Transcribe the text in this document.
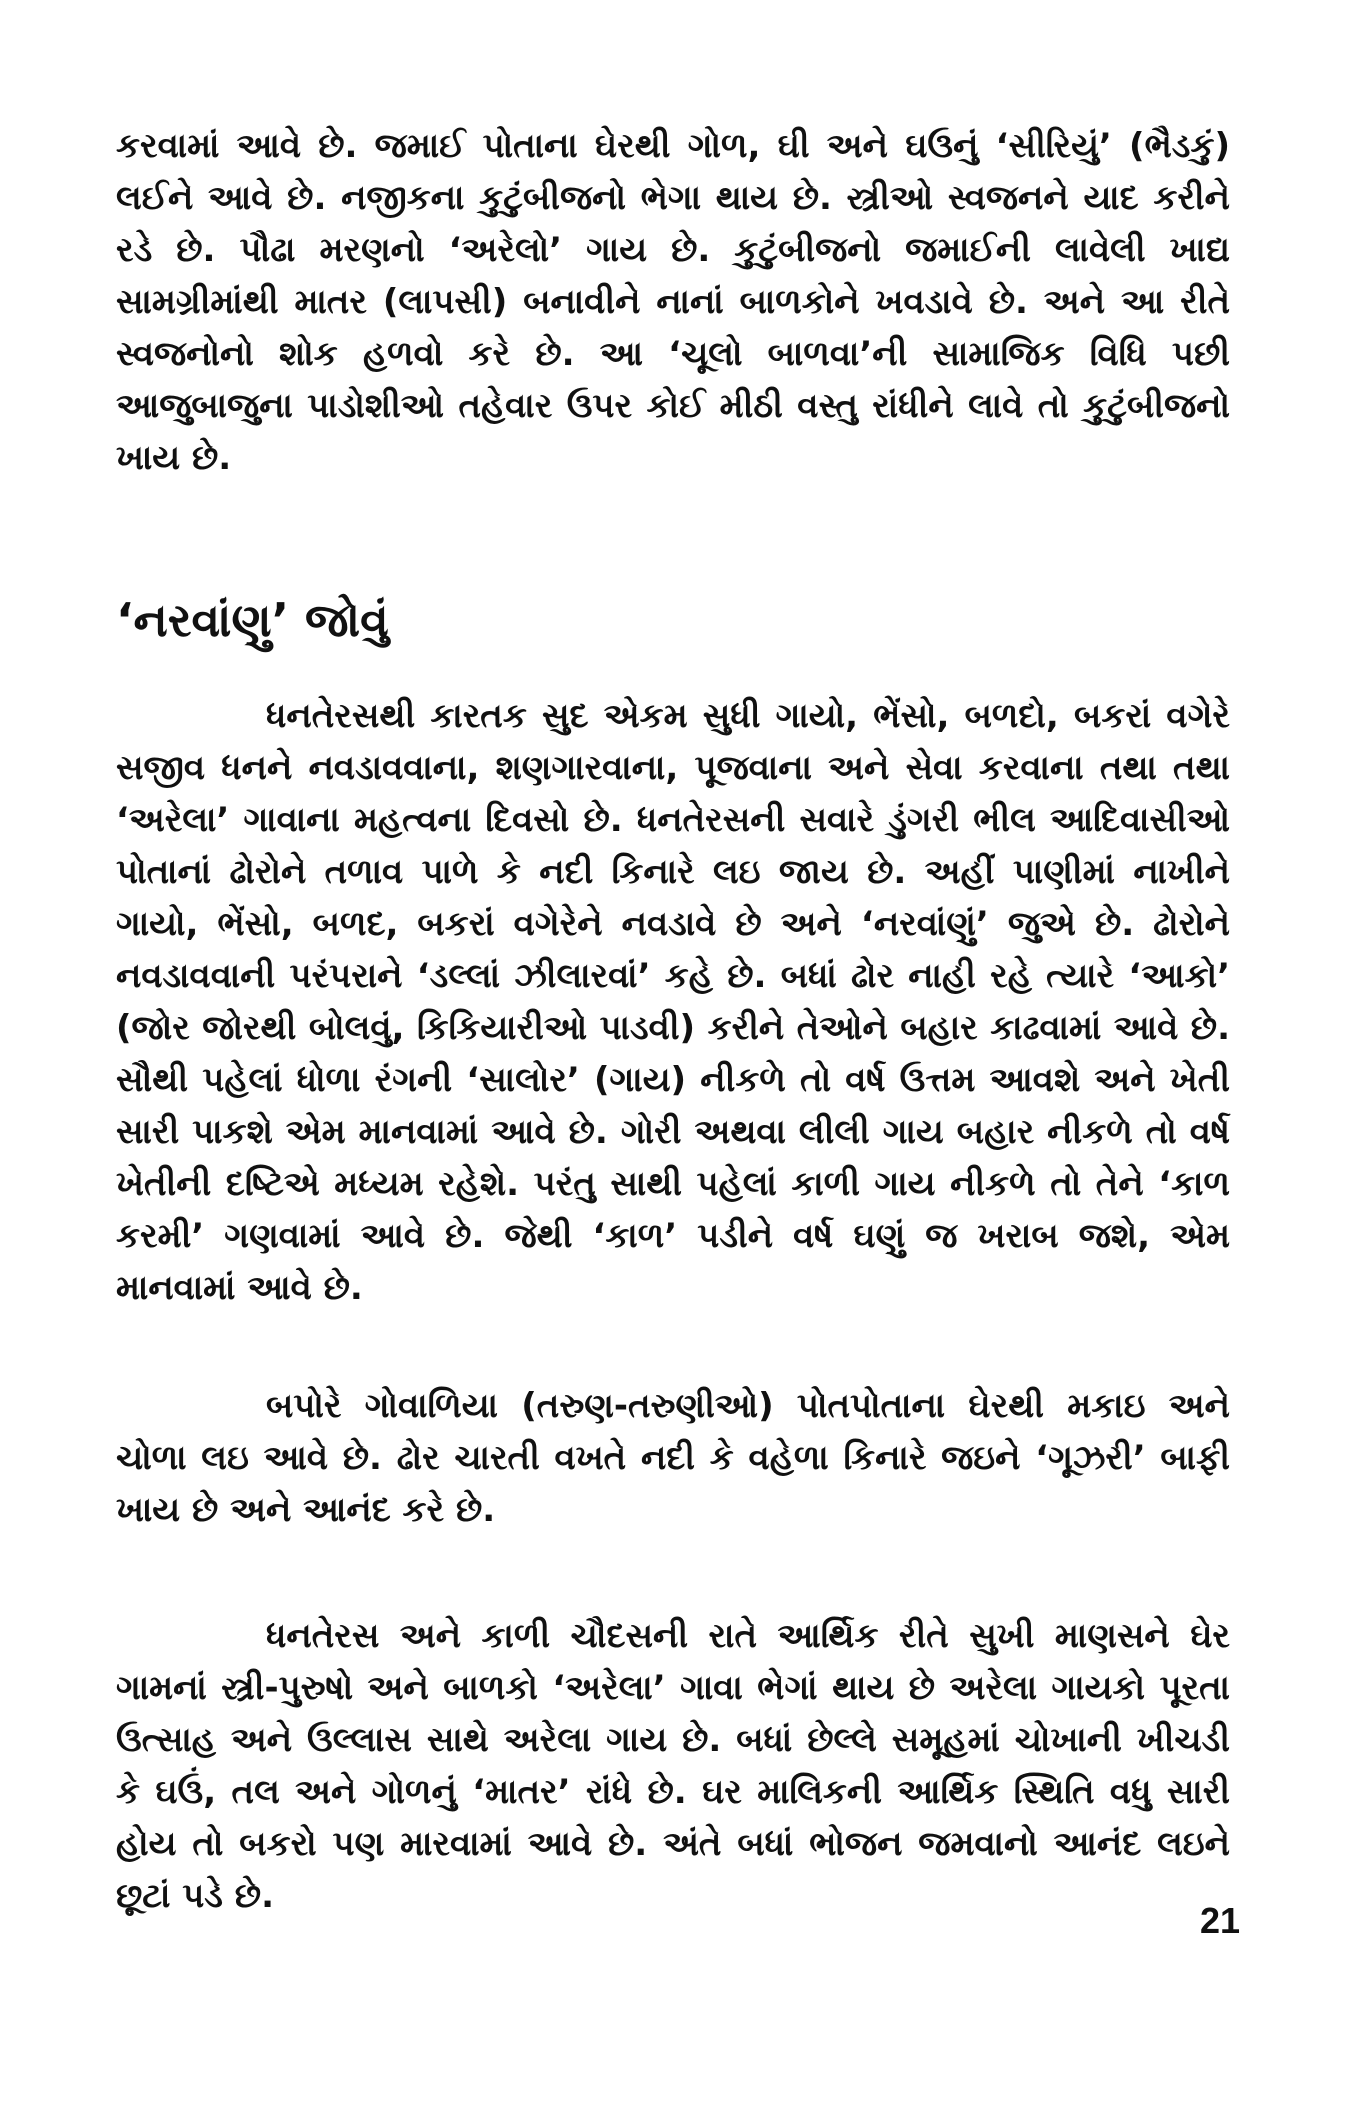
કરવામાં આવે છે. જમાઈ પોતાના ઘેરથી ગોળ, ઘી અને ઘઉનું ‘સીરિયું’ (ભૈડકું) લઈને આવે છે. નજીકના કુટુંબીજનો ભેગા થાય છે. સ્ત્રીઓ સ્વજનને યાદ કરીને રડે છે. પૌઢા મરણનો ‘અરેલો’ ગાય છે. કુટુંબીજનો જમાઈની લાવેલી ખાદ્ય સામગ્રીમાંથી માતર (લાપસી) બનાવીને નાનાં બાળકોને ખવડાવે છે. અને આ રીતે સ્વજનોનો શોક હળવો કરે છે. આ ‘ચૂલો બાળવા’ની સામાજિક વિધિ પછી આજુબાજુના પાડોશીઓ તહેવાર ઉપર કોઈ મીઠી વસ્તુ રાંધીને લાવે તો કુટુંબીજનો ખાય છે.

‘નરવાંણુ’ જોવું

ધનતેરસથી કારતક સુદ એકમ સુધી ગાયો, ભેંસો, બળદો, બકરાં વગેરે સજીવ ધનને નવડાવવાના, શણગારવાના, પૂજવાના અને સેવા કરવાના તથા તથા ‘અરેલા’ ગાવાના મહત્વના દિવસો છે. ધનતેરસની સવારે ડુંગરી ભીલ આદિવાસીઓ પોતાનાં ઢોરોને તળાવ પાળે કે નદી કિનારે લઇ જાય છે. અહીં પાણીમાં નાખીને ગાયો, ભેંસો, બળદ, બકરાં વગેરેને નવડાવે છે અને ‘નરવાંણું’ જુએ છે. ઢોરોને નવડાવવાની પરંપરાને ‘ડલ્લાં ઝીલારવાં’ કહે છે. બધાં ઢોર નાહી રહે ત્યારે ‘આકો’ (જોર જોરથી બોલવું, કિકિયારીઓ પાડવી) કરીને તેઓને બહાર કાઢવામાં આવે છે. સૌથી પહેલાં ધોળા રંગની ‘સાલોર’ (ગાય) નીકળે તો વર્ષ ઉત્તમ આવશે અને ખેતી સારી પાકશે એમ માનવામાં આવે છે. ગોરી અથવા લીલી ગાય બહાર નીકળે તો વર્ષ ખેતીની દષ્ટિએ મધ્યમ રહેશે. પરંતુ સાથી પહેલાં કાળી ગાય નીકળે તો તેને ‘કાળ કરમી’ ગણવામાં આવે છે. જેથી ‘કાળ’ પડીને વર્ષ ઘણું જ ખરાબ જશે, એમ માનવામાં આવે છે.

બપોરે ગોવાળિયા (તરુણ-તરુણીઓ) પોતપોતાના ઘેરથી મકાઇ અને ચોળા લઇ આવે છે. ઢોર ચારતી વખતે નદી કે વહેળા કિનારે જઇને ‘ગૂઝરી’ બાફી ખાય છે અને આનંદ કરે છે.

ધનતેરસ અને કાળી ચૌદસની રાતે આર્થિક રીતે સુખી માણસને ઘેર ગામનાં સ્ત્રી-પુરુષો અને બાળકો ‘અરેલા’ ગાવા ભેગાં થાય છે અરેલા ગાયકો પૂરતા ઉત્સાહ અને ઉલ્લાસ સાથે અરેલા ગાય છે. બધાં છેલ્લે સમૂહમાં ચોખાની ખીચડી કે ઘઉં, તલ અને ગોળનું ‘માતર’ રાંધે છે. ઘર માલિકની આર્થિક સ્થિતિ વધુ સારી હોય તો બકરો પણ મારવામાં આવે છે. અંતે બધાં ભોજન જમવાનો આનંદ લઇને છૂટાં પડે છે.

21
